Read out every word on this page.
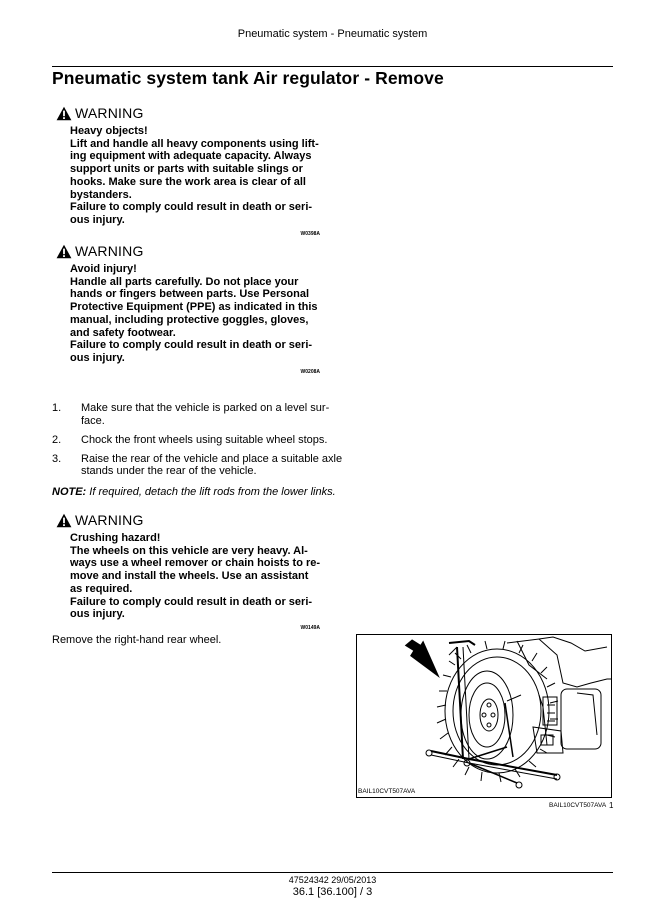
Pneumatic system - Pneumatic system
Pneumatic system tank Air regulator - Remove
WARNING
Heavy objects!
Lift and handle all heavy components using lift-
ing equipment with adequate capacity. Always
support units or parts with suitable slings or
hooks. Make sure the work area is clear of all
bystanders.
Failure to comply could result in death or seri-
ous injury.
W0398A
WARNING
Avoid injury!
Handle all parts carefully. Do not place your
hands or fingers between parts. Use Personal
Protective Equipment (PPE) as indicated in this
manual, including protective goggles, gloves,
and safety footwear.
Failure to comply could result in death or seri-
ous injury.
W0208A
1.	Make sure that the vehicle is parked on a level sur-
face.
2.	Chock the front wheels using suitable wheel stops.
3.	Raise the rear of the vehicle and place a suitable axle
stands under the rear of the vehicle.
NOTE: If required, detach the lift rods from the lower links.
WARNING
Crushing hazard!
The wheels on this vehicle are very heavy. Al-
ways use a wheel remover or chain hoists to re-
move and install the wheels. Use an assistant
as required.
Failure to comply could result in death or seri-
ous injury.
W0149A
Remove the right-hand rear wheel.
BAIL10CVT507AVA
BAIL10CVT507AVA 1
47524342 29/05/2013
36.1 [36.100] / 3
